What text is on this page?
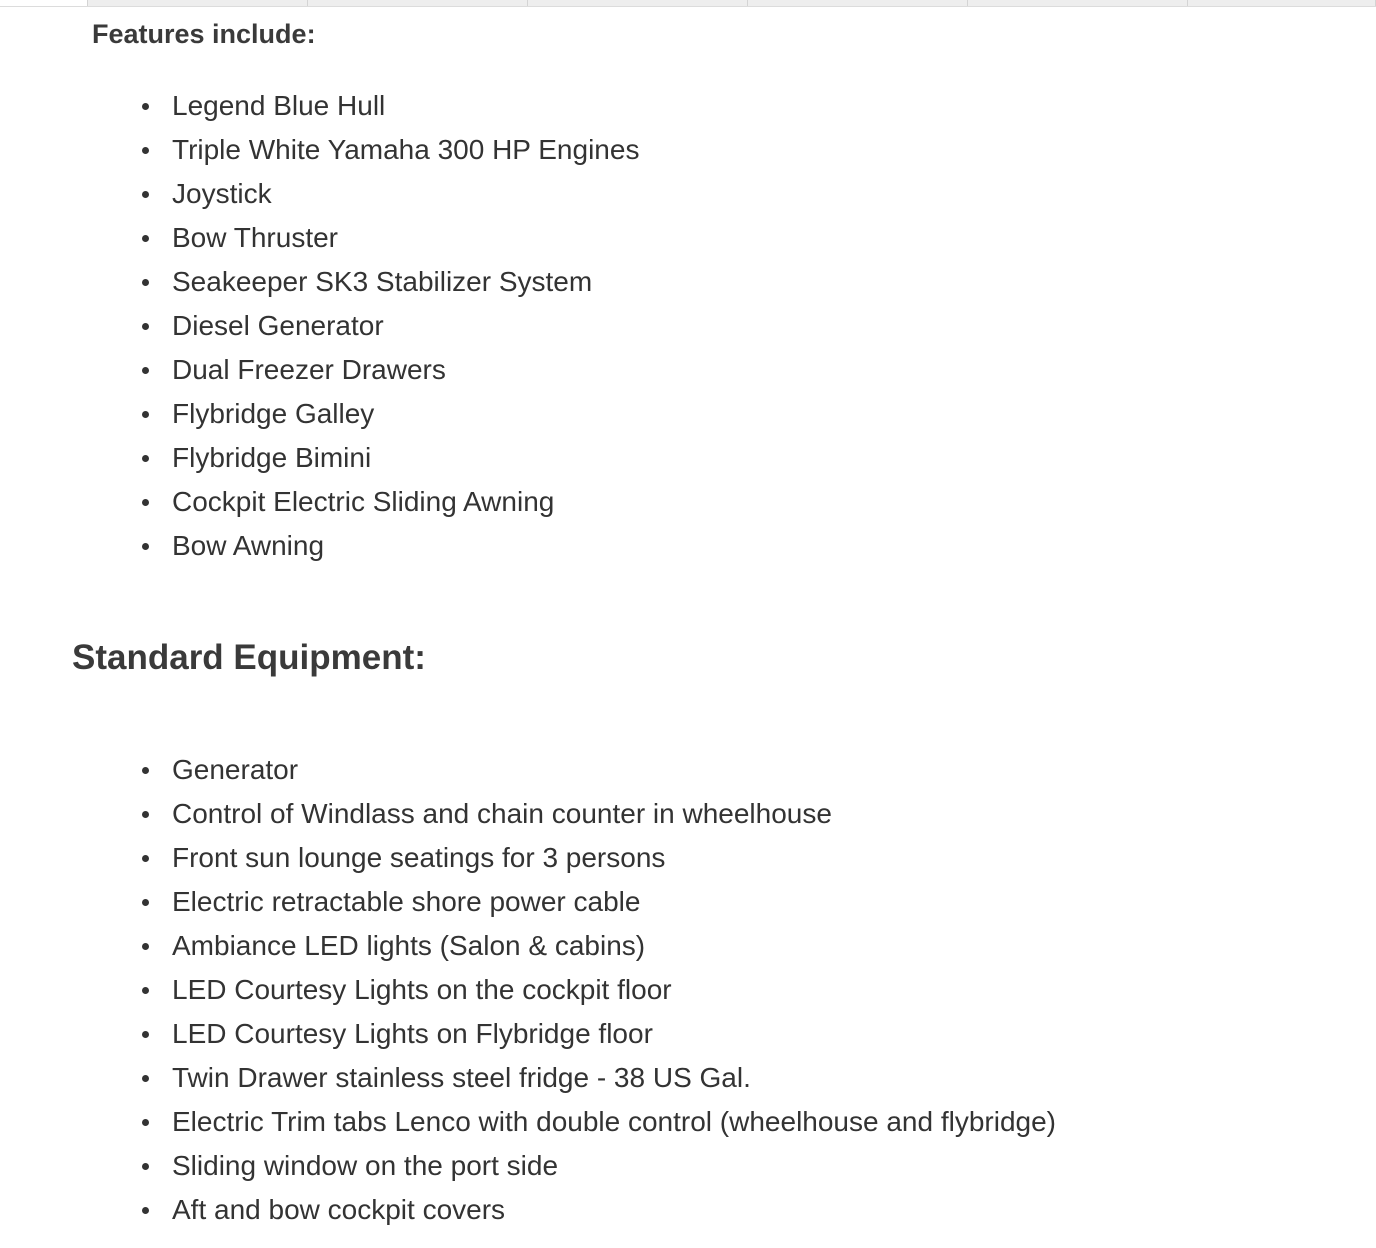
Features include:
Legend Blue Hull
Triple White Yamaha 300 HP Engines
Joystick
Bow Thruster
Seakeeper SK3 Stabilizer System
Diesel Generator
Dual Freezer Drawers
Flybridge Galley
Flybridge Bimini
Cockpit Electric Sliding Awning
Bow Awning
Standard Equipment:
Generator
Control of Windlass and chain counter in wheelhouse
Front sun lounge seatings for 3 persons
Electric retractable shore power cable
Ambiance LED lights (Salon & cabins)
LED Courtesy Lights on the cockpit floor
LED Courtesy Lights on Flybridge floor
Twin Drawer stainless steel fridge - 38 US Gal.
Electric Trim tabs Lenco with double control (wheelhouse and flybridge)
Sliding window on the port side
Aft and bow cockpit covers
